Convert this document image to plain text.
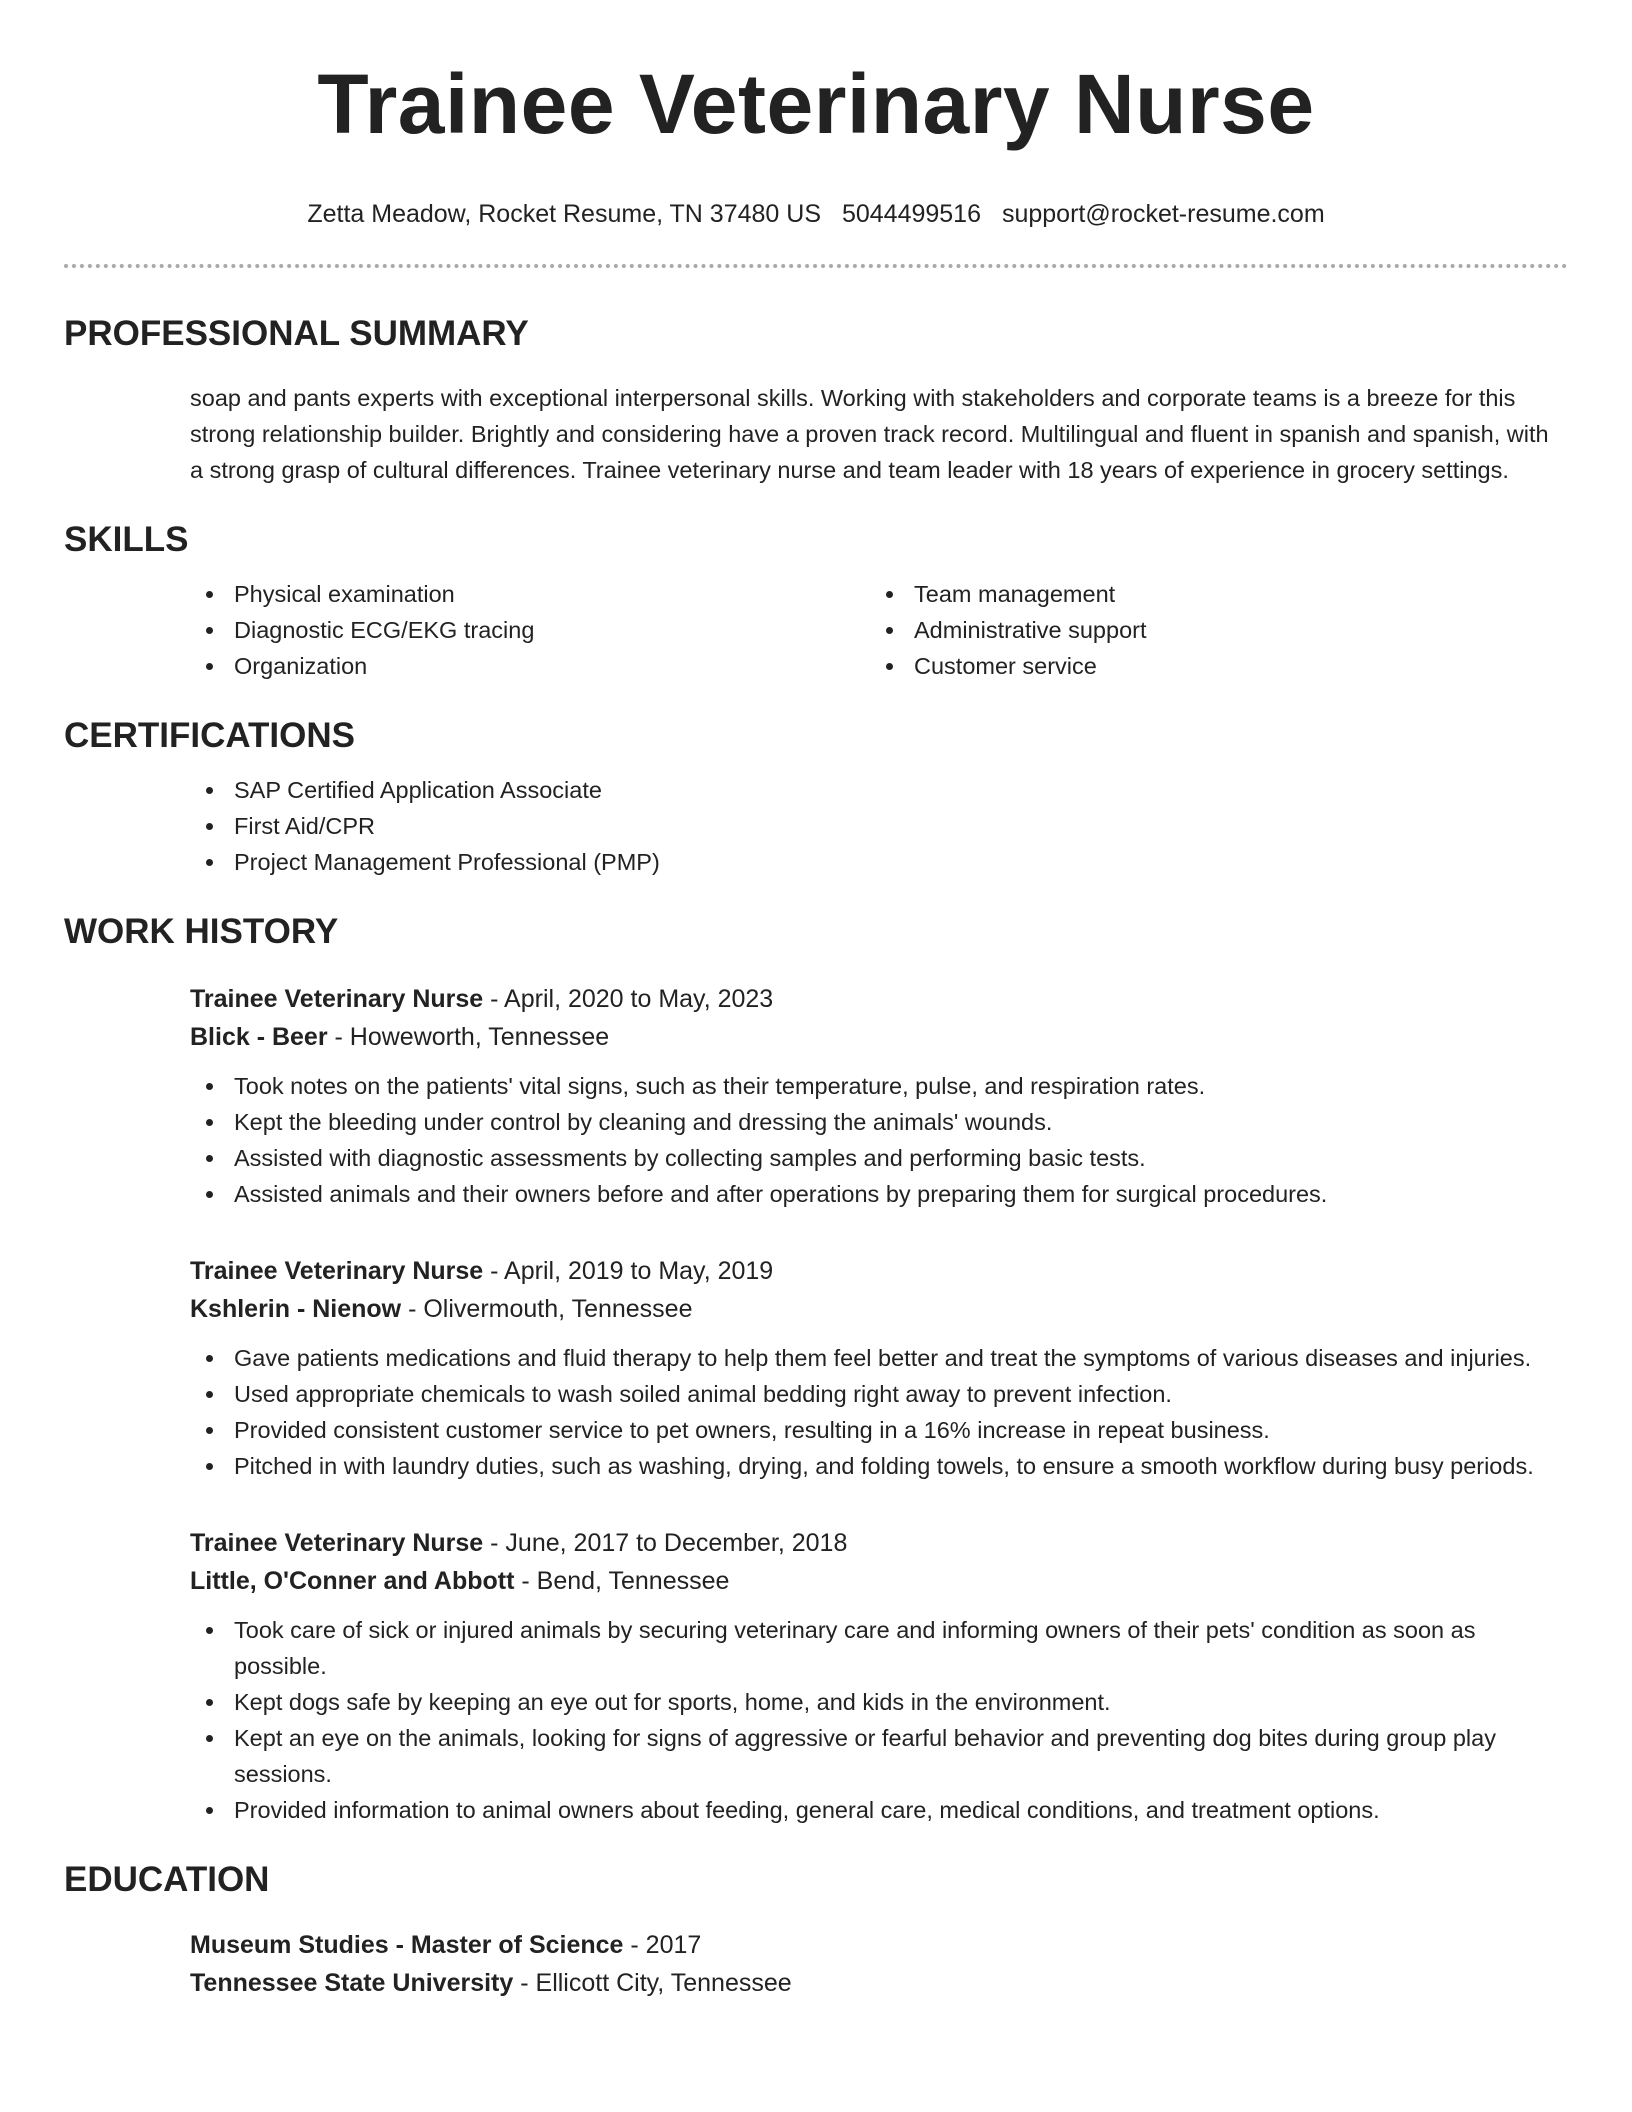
Trainee Veterinary Nurse
Zetta Meadow, Rocket Resume, TN 37480 US 5044499516 support@rocket-resume.com
PROFESSIONAL SUMMARY

soap and pants experts with exceptional interpersonal skills. Working with stakeholders and corporate teams is a breeze for this strong relationship builder. Brightly and considering have a proven track record. Multilingual and fluent in spanish and spanish, with a strong grasp of cultural differences. Trainee veterinary nurse and team leader with 18 years of experience in grocery settings.

SKILLS
Physical examination
Diagnostic ECG/EKG tracing
Organization
Team management
Administrative support
Customer service
CERTIFICATIONS
SAP Certified Application Associate
First Aid/CPR
Project Management Professional (PMP)
WORK HISTORY
Trainee Veterinary Nurse - April, 2020 to May, 2023
Blick - Beer - Howeworth, Tennessee
Took notes on the patients' vital signs, such as their temperature, pulse, and respiration rates.
Kept the bleeding under control by cleaning and dressing the animals' wounds.
Assisted with diagnostic assessments by collecting samples and performing basic tests.
Assisted animals and their owners before and after operations by preparing them for surgical procedures.
Trainee Veterinary Nurse - April, 2019 to May, 2019
Kshlerin - Nienow - Olivermouth, Tennessee
Gave patients medications and fluid therapy to help them feel better and treat the symptoms of various diseases and injuries.
Used appropriate chemicals to wash soiled animal bedding right away to prevent infection.
Provided consistent customer service to pet owners, resulting in a 16% increase in repeat business.
Pitched in with laundry duties, such as washing, drying, and folding towels, to ensure a smooth workflow during busy periods.
Trainee Veterinary Nurse - June, 2017 to December, 2018
Little, O'Conner and Abbott - Bend, Tennessee
Took care of sick or injured animals by securing veterinary care and informing owners of their pets' condition as soon as possible.
Kept dogs safe by keeping an eye out for sports, home, and kids in the environment.
Kept an eye on the animals, looking for signs of aggressive or fearful behavior and preventing dog bites during group play sessions.
Provided information to animal owners about feeding, general care, medical conditions, and treatment options.
EDUCATION
Museum Studies - Master of Science - 2017
Tennessee State University - Ellicott City, Tennessee
